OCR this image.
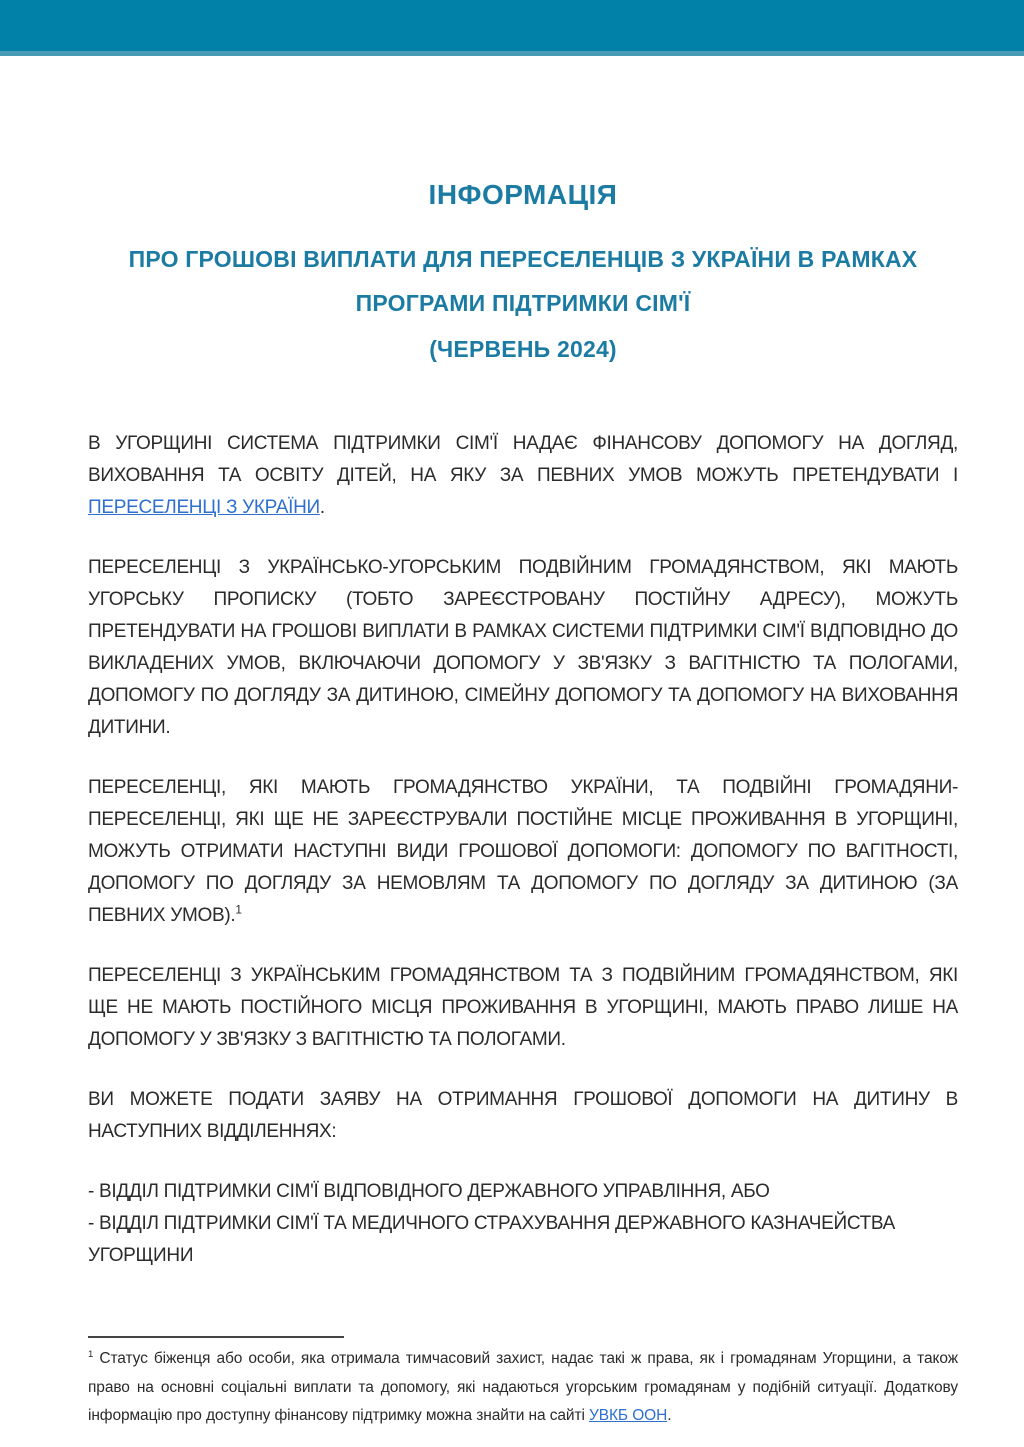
ІНФОРМАЦІЯ
ПРО ГРОШОВІ ВИПЛАТИ ДЛЯ ПЕРЕСЕЛЕНЦІВ З УКРАЇНИ В РАМКАХ
ПРОГРАМИ ПІДТРИМКИ СІМ'Ї
(ЧЕРВЕНЬ 2024)

В УГОРЩИНІ СИСТЕМА ПІДТРИМКИ СІМ'Ї НАДАЄ ФІНАНСОВУ ДОПОМОГУ НА ДОГЛЯД, ВИХОВАННЯ ТА ОСВІТУ ДІТЕЙ, НА ЯКУ ЗА ПЕВНИХ УМОВ МОЖУТЬ ПРЕТЕНДУВАТИ І ПЕРЕСЕЛЕНЦІ З УКРАЇНИ.

ПЕРЕСЕЛЕНЦІ З УКРАЇНСЬКО-УГОРСЬКИМ ПОДВІЙНИМ ГРОМАДЯНСТВОМ, ЯКІ МАЮТЬ УГОРСЬКУ ПРОПИСКУ (ТОБТО ЗАРЕЄСТРОВАНУ ПОСТІЙНУ АДРЕСУ), МОЖУТЬ ПРЕТЕНДУВАТИ НА ГРОШОВІ ВИПЛАТИ В РАМКАХ СИСТЕМИ ПІДТРИМКИ СІМ'Ї ВІДПОВІДНО ДО ВИКЛАДЕНИХ УМОВ, ВКЛЮЧАЮЧИ ДОПОМОГУ У ЗВ'ЯЗКУ З ВАГІТНІСТЮ ТА ПОЛОГАМИ, ДОПОМОГУ ПО ДОГЛЯДУ ЗА ДИТИНОЮ, СІМЕЙНУ ДОПОМОГУ ТА ДОПОМОГУ НА ВИХОВАННЯ ДИТИНИ.

ПЕРЕСЕЛЕНЦІ, ЯКІ МАЮТЬ ГРОМАДЯНСТВО УКРАЇНИ, ТА ПОДВІЙНІ ГРОМАДЯНИ-ПЕРЕСЕЛЕНЦІ, ЯКІ ЩЕ НЕ ЗАРЕЄСТРУВАЛИ ПОСТІЙНЕ МІСЦЕ ПРОЖИВАННЯ В УГОРЩИНІ, МОЖУТЬ ОТРИМАТИ НАСТУПНІ ВИДИ ГРОШОВОЇ ДОПОМОГИ: ДОПОМОГУ ПО ВАГІТНОСТІ, ДОПОМОГУ ПО ДОГЛЯДУ ЗА НЕМОВЛЯМ ТА ДОПОМОГУ ПО ДОГЛЯДУ ЗА ДИТИНОЮ (ЗА ПЕВНИХ УМОВ).$^1$

ПЕРЕСЕЛЕНЦІ З УКРАЇНСЬКИМ ГРОМАДЯНСТВОМ ТА З ПОДВІЙНИМ ГРОМАДЯНСТВОМ, ЯКІ ЩЕ НЕ МАЮТЬ ПОСТІЙНОГО МІСЦЯ ПРОЖИВАННЯ В УГОРЩИНІ, МАЮТЬ ПРАВО ЛИШЕ НА ДОПОМОГУ У ЗВ'ЯЗКУ З ВАГІТНІСТЮ ТА ПОЛОГАМИ.

ВИ МОЖЕТЕ ПОДАТИ ЗАЯВУ НА ОТРИМАННЯ ГРОШОВОЇ ДОПОМОГИ НА ДИТИНУ В НАСТУПНИХ ВІДДІЛЕННЯХ:

- ВІДДІЛ ПІДТРИМКИ СІМ'Ї ВІДПОВІДНОГО ДЕРЖАВНОГО УПРАВЛІННЯ, АБО
- ВІДДІЛ ПІДТРИМКИ СІМ'Ї ТА МЕДИЧНОГО СТРАХУВАННЯ ДЕРЖАВНОГО КАЗНАЧЕЙСТВА УГОРЩИНИ
$^1$ Статус біженця або особи, яка отримала тимчасовий захист, надає такі ж права, як і громадянам Угорщини, а також право на основні соціальні виплати та допомогу, які надаються угорським громадянам у подібній ситуації. Додаткову інформацію про доступну фінансову підтримку можна знайти на сайті УВКБ ООН.
